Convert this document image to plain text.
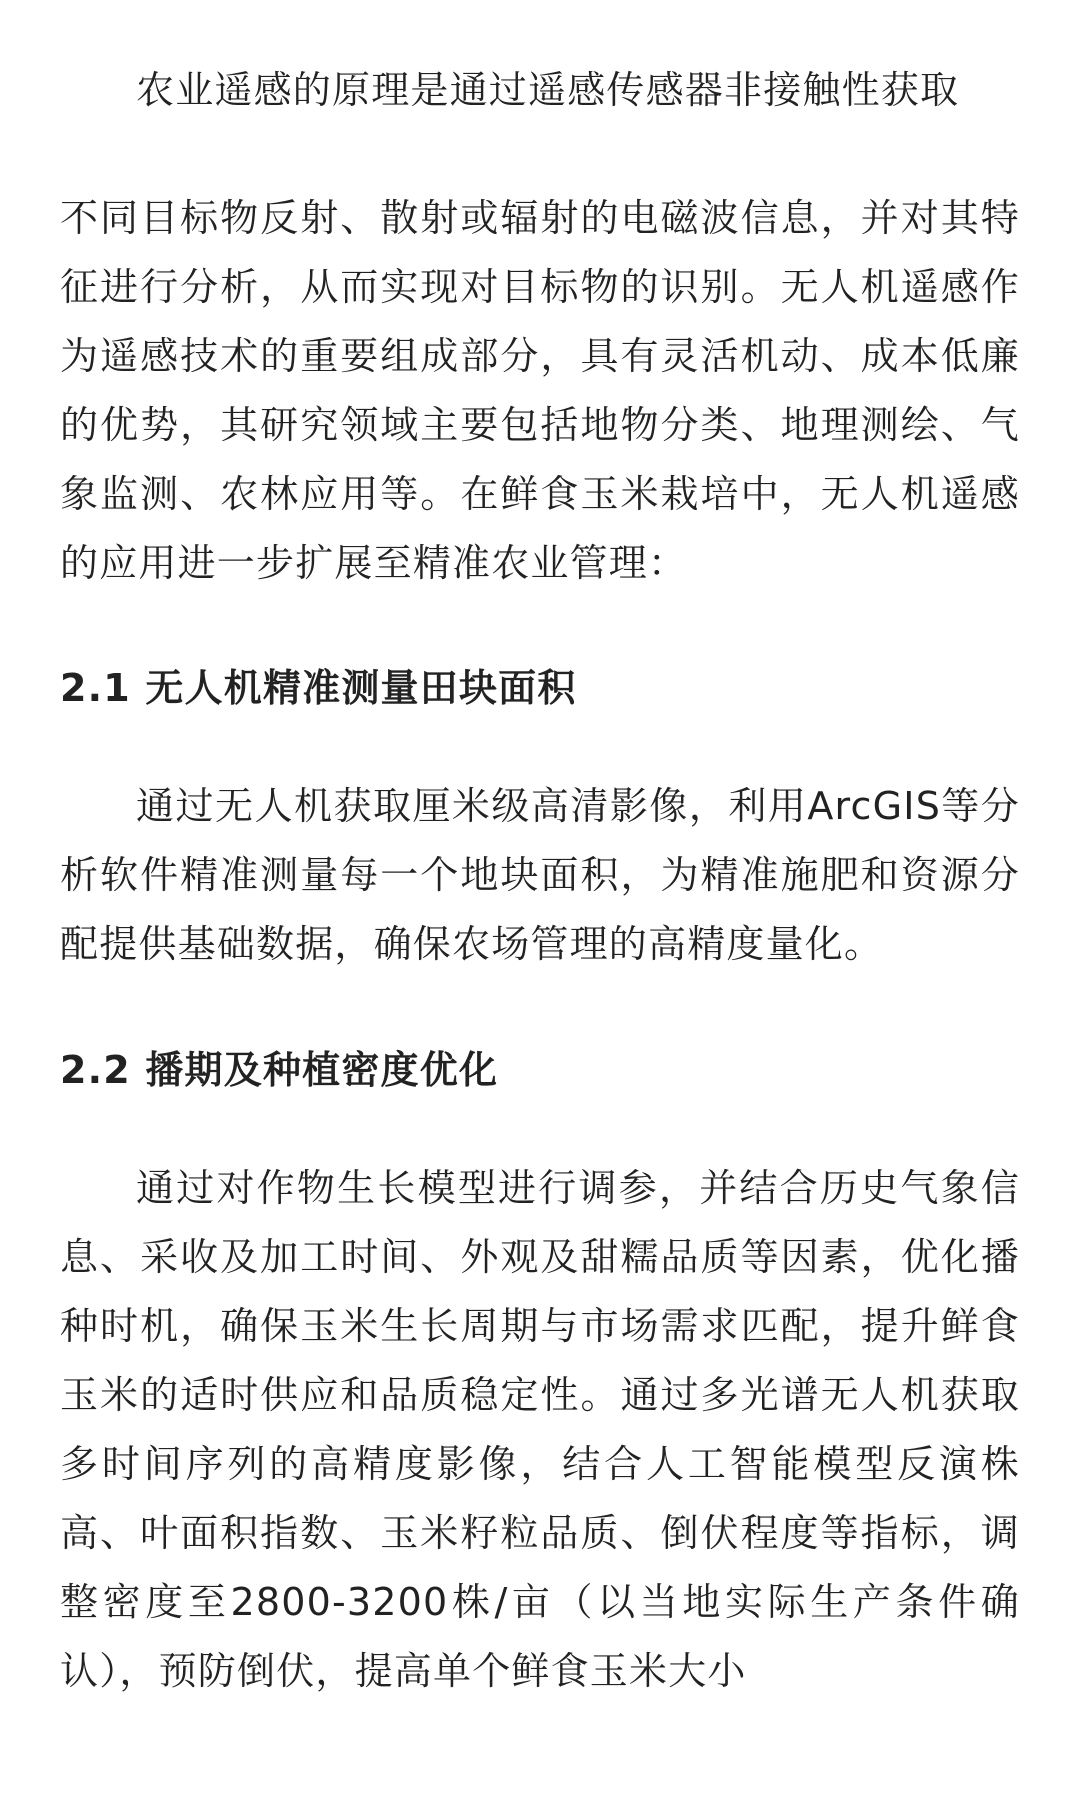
农业遥感的原理是通过遥感传感器非接触性获取

不同目标物反射、散射或辐射的电磁波信息，并对其特征进行分析，从而实现对目标物的识别。无人机遥感作为遥感技术的重要组成部分，具有灵活机动、成本低廉的优势，其研究领域主要包括地物分类、地理测绘、气象监测、农林应用等。在鲜食玉米栽培中，无人机遥感的应用进一步扩展至精准农业管理：

2.1 无人机精准测量田块面积

通过无人机获取厘米级高清影像，利用ArcGIS等分析软件精准测量每一个地块面积，为精准施肥和资源分配提供基础数据，确保农场管理的高精度量化。

2.2 播期及种植密度优化

通过对作物生长模型进行调参，并结合历史气象信息、采收及加工时间、外观及甜糯品质等因素，优化播种时机，确保玉米生长周期与市场需求匹配，提升鲜食玉米的适时供应和品质稳定性。通过多光谱无人机获取多时间序列的高精度影像，结合人工智能模型反演株高、叶面积指数、玉米籽粒品质、倒伏程度等指标，调整密度至2800-3200株/亩（以当地实际生产条件确认），预防倒伏，提高单个鲜食玉米大小
